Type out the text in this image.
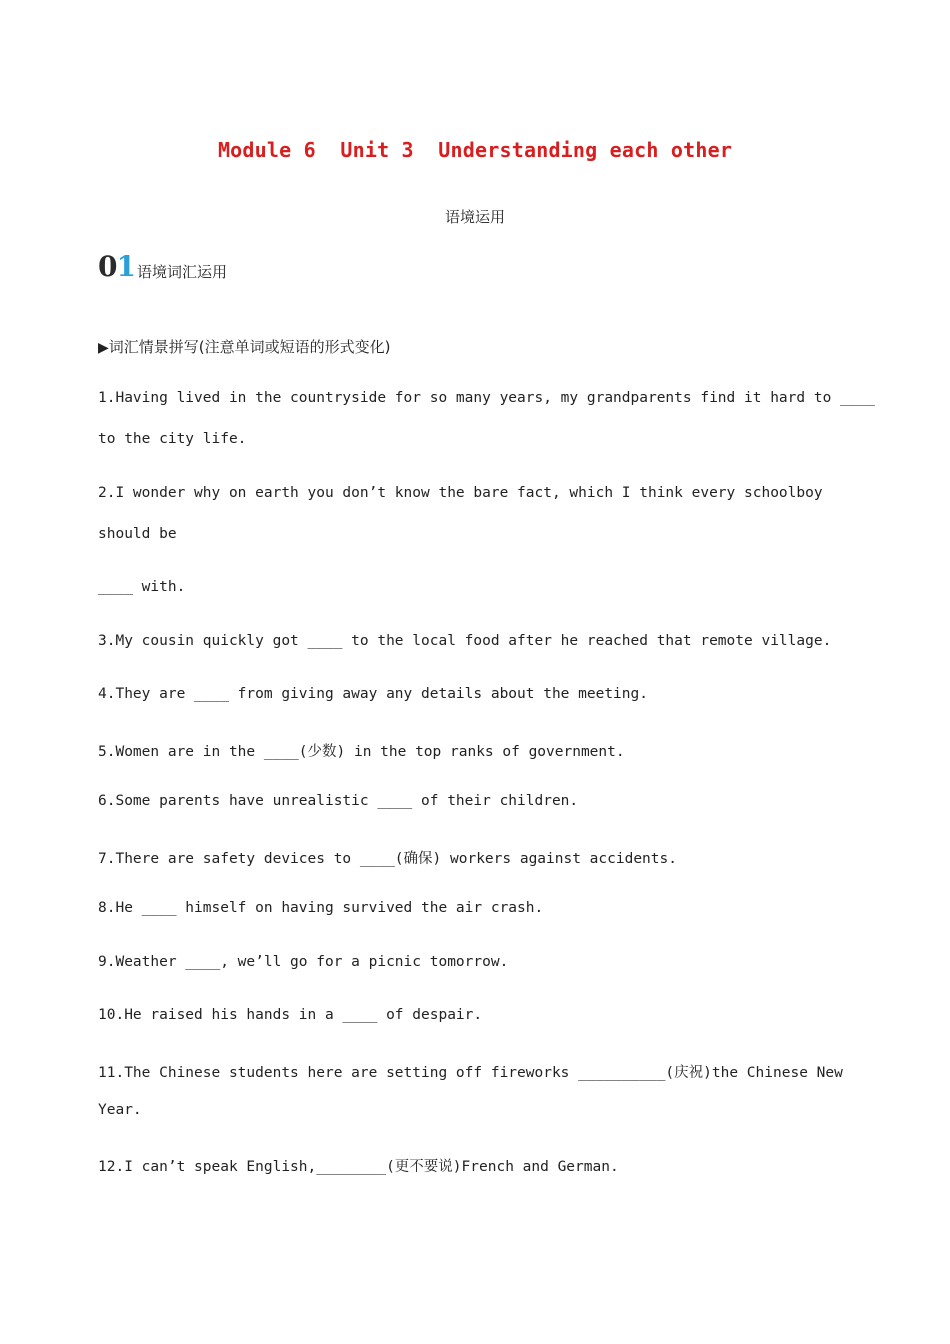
Module 6  Unit 3  Understanding each other
语境运用
01 语境词汇运用
▶词汇情景拼写(注意单词或短语的形式变化)
1.Having lived in the countryside for so many years, my grandparents find it hard to ____
to the city life.
2.I wonder why on earth you don’t know the bare fact, which I think every schoolboy
should be
____ with.
3.My cousin quickly got ____ to the local food after he reached that remote village.
4.They are ____ from giving away any details about the meeting.
5.Women are in the ____(少数) in the top ranks of government.
6.Some parents have unrealistic ____ of their children.
7.There are safety devices to ____(确保) workers against accidents.
8.He ____ himself on having survived the air crash.
9.Weather ____, we’ll go for a picnic tomorrow.
10.He raised his hands in a ____ of despair.
11.The Chinese students here are setting off fireworks __________(庆祝)the Chinese New
Year.
12.I can’t speak English,________(更不要说)French and German.
